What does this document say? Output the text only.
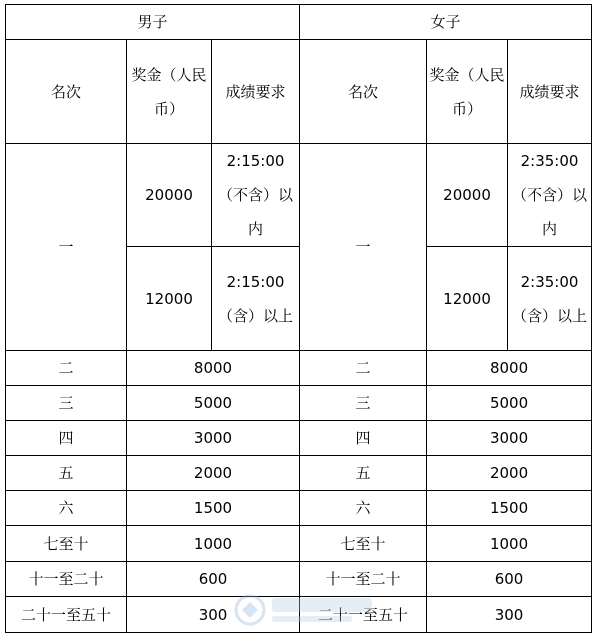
男子			女子		
名次	奖金（人民币）	成绩要求	名次	奖金（人民币）	成绩要求
一	20000	2:15:00（不含）以内	一	20000	2:35:00（不含）以内
	12000	2:15:00（含）以上		12000	2:35:00（含）以上
二	8000		二	8000	
三	5000		三	5000	
四	3000		四	3000	
五	2000		五	2000	
六	1500		六	1500	
七至十	1000		七至十	1000	
十一至二十	600		十一至二十	600	
二十一至五十	300		二十一至五十	300	
